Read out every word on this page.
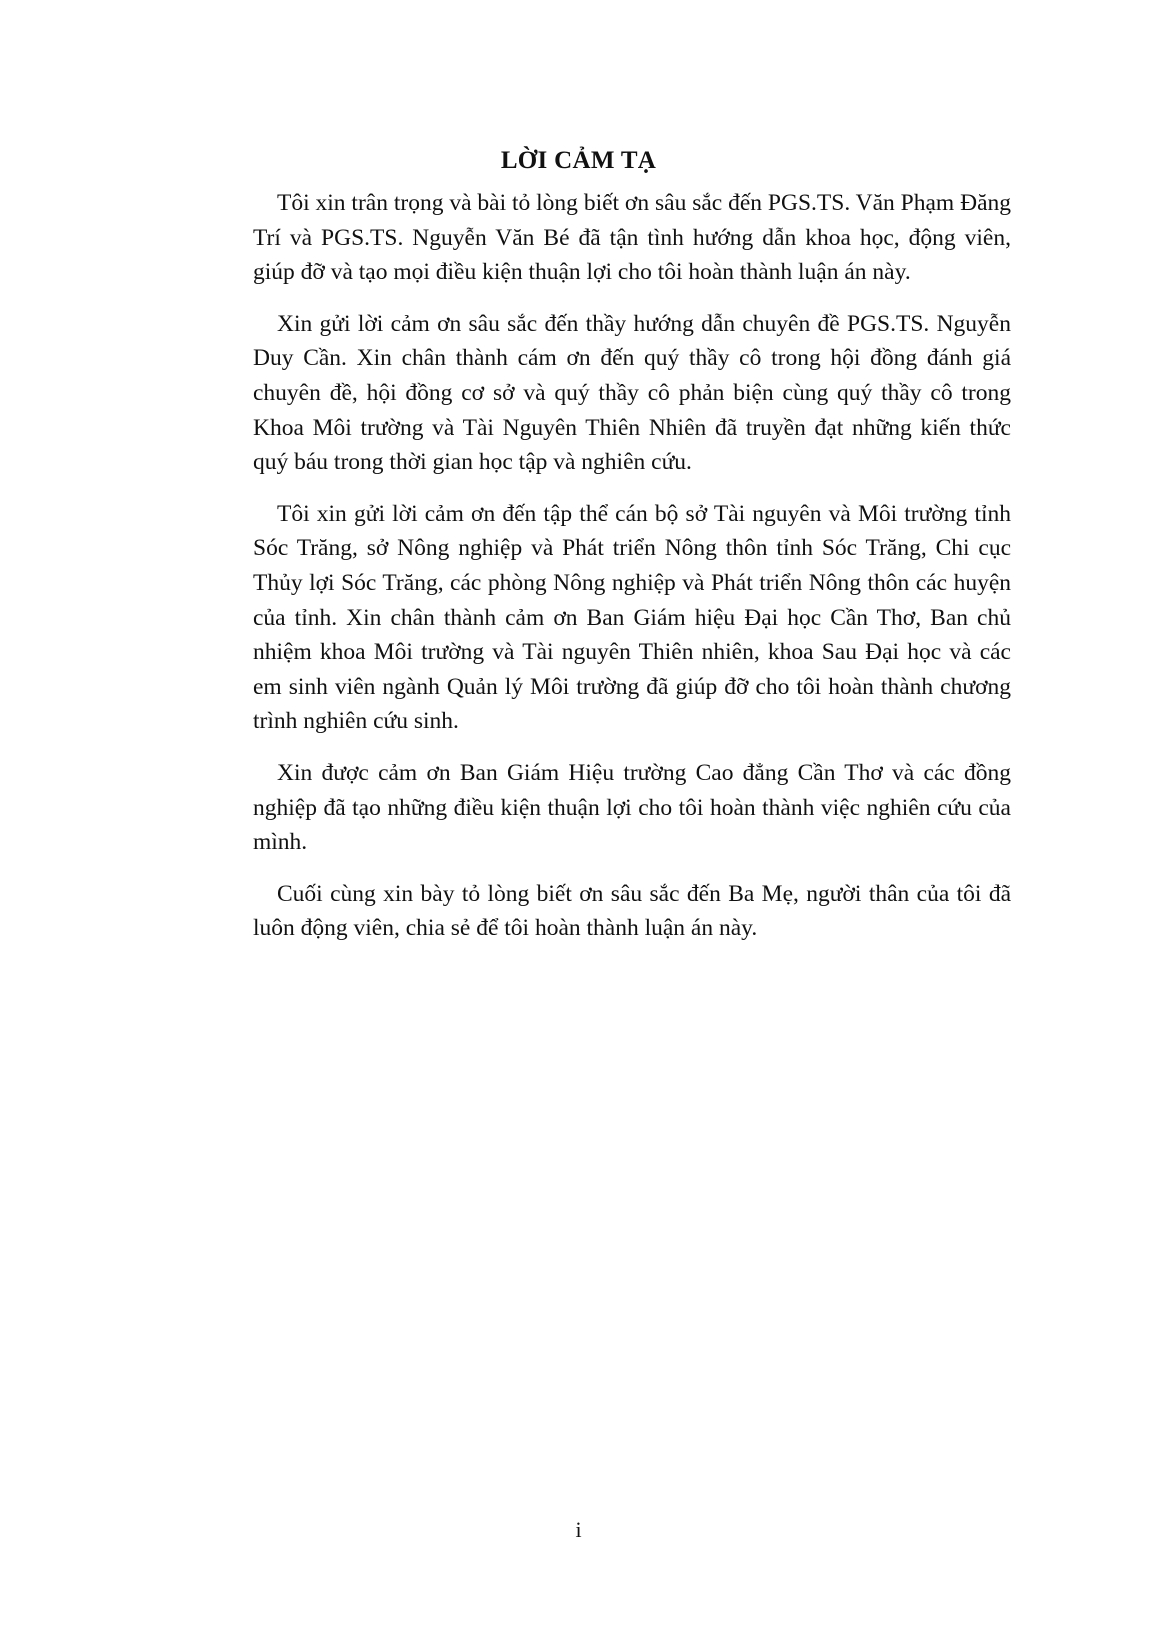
LỜI CẢM TẠ

Tôi xin trân trọng và bài tỏ lòng biết ơn sâu sắc đến PGS.TS. Văn Phạm Đăng Trí và PGS.TS. Nguyễn Văn Bé đã tận tình hướng dẫn khoa học, động viên, giúp đỡ và tạo mọi điều kiện thuận lợi cho tôi hoàn thành luận án này.

Xin gửi lời cảm ơn sâu sắc đến thầy hướng dẫn chuyên đề PGS.TS. Nguyễn Duy Cần. Xin chân thành cám ơn đến quý thầy cô trong hội đồng đánh giá chuyên đề, hội đồng cơ sở và quý thầy cô phản biện cùng quý thầy cô trong Khoa Môi trường và Tài Nguyên Thiên Nhiên đã truyền đạt những kiến thức quý báu trong thời gian học tập và nghiên cứu.

Tôi xin gửi lời cảm ơn đến tập thể cán bộ sở Tài nguyên và Môi trường tỉnh Sóc Trăng, sở Nông nghiệp và Phát triển Nông thôn tỉnh Sóc Trăng, Chi cục Thủy lợi Sóc Trăng, các phòng Nông nghiệp và Phát triển Nông thôn các huyện của tỉnh. Xin chân thành cảm ơn Ban Giám hiệu Đại học Cần Thơ, Ban chủ nhiệm khoa Môi trường và Tài nguyên Thiên nhiên, khoa Sau Đại học và các em sinh viên ngành Quản lý Môi trường đã giúp đỡ cho tôi hoàn thành chương trình nghiên cứu sinh.

Xin được cảm ơn Ban Giám Hiệu trường Cao đẳng Cần Thơ và các đồng nghiệp đã tạo những điều kiện thuận lợi cho tôi hoàn thành việc nghiên cứu của mình.

Cuối cùng xin bày tỏ lòng biết ơn sâu sắc đến Ba Mẹ, người thân của tôi đã luôn động viên, chia sẻ để tôi hoàn thành luận án này.

i
